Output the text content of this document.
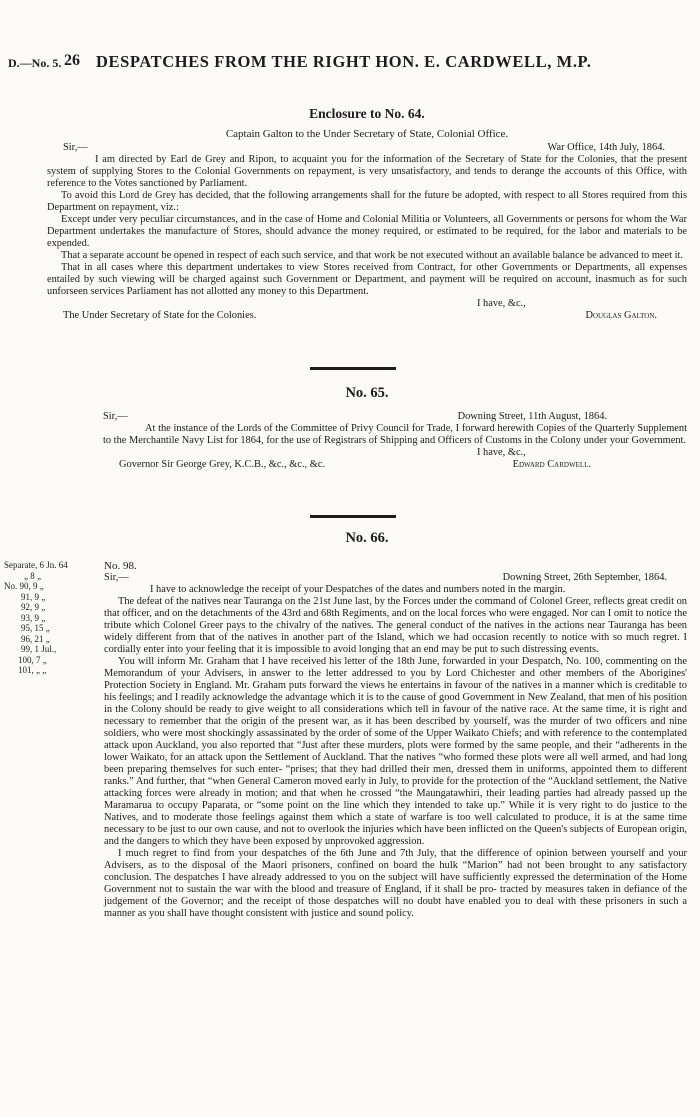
D.—No. 5. 26 DESPATCHES FROM THE RIGHT HON. E. CARDWELL, M.P.
Enclosure to No. 64.
Captain Galton to the Under Secretary of State, Colonial Office.
Sir,—	War Office, 14th July, 1864.

I am directed by Earl de Grey and Ripon, to acquaint you for the information of the Secretary of State for the Colonies, that the present system of supplying Stores to the Colonial Governments on repayment, is very unsatisfactory, and tends to derange the accounts of this Office, with reference to the Votes sanctioned by Parliament.

To avoid this Lord de Grey has decided, that the following arrangements shall for the future be adopted, with respect to all Stores required from this Department on repayment, viz.:

Except under very peculiar circumstances, and in the case of Home and Colonial Militia or Volunteers, all Governments or persons for whom the War Department undertakes the manufacture of Stores, should advance the money required, or estimated to be required, for the labor and materials to be expended.

That a separate account be opened in respect of each such service, and that work be not executed without an available balance be advanced to meet it.

That in all cases where this department undertakes to view Stores received from Contract, for other Governments or Departments, all expenses entailed by such viewing will be charged against such Government or Department, and payment will be required on account, inasmuch as for such unforseen services Parliament has not allotted any money to this Department.

I have, &c.,
The Under Secretary of State for the Colonies.	Douglas Galton.
No. 65.
Sir,—	Downing Street, 11th August, 1864.

At the instance of the Lords of the Committee of Privy Council for Trade, I forward herewith Copies of the Quarterly Supplement to the Merchantile Navy List for 1864, for the use of Registrars of Shipping and Officers of Customs in the Colony under your Government.

I have, &c.,
Governor Sir George Grey, K.C.B., &c., &c., &c.	Edward Cardwell.
No. 66.
Separate, 6 Jn. 64
„ 8 „
No. 90, 9 „
91, 9 „
92, 9 „
93, 9 „
95, 15 „
96, 21 „
99, 1 Jul.,
100, 7 „
101, „ „
No. 98.
Sir,—	Downing Street, 26th September, 1864.

I have to acknowledge the receipt of your Despatches of the dates and numbers noted in the margin.

The defeat of the natives near Tauranga on the 21st June last, by the Forces under the command of Colonel Greer, reflects great credit on that officer, and on the detachments of the 43rd and 68th Regiments, and on the local forces who were engaged. Nor can I omit to notice the tribute which Colonel Greer pays to the chivalry of the natives. The general conduct of the natives in the actions near Tauranga has been widely different from that of the natives in another part of the Island, which we had occasion recently to notice with so much regret. I cordially enter into your feeling that it is impossible to avoid longing that an end may be put to such distressing events.

You will inform Mr. Graham that I have received his letter of the 18th June, forwarded in your Despatch, No. 100, commenting on the Memorandum of your Advisers, in answer to the letter addressed to you by Lord Chichester and other members of the Aborigines' Protection Society in England. Mr. Graham puts forward the views he entertains in favour of the natives in a manner which is creditable to his feelings; and I readily acknowledge the advantage which it is to the cause of good Government in New Zealand, that men of his position in the Colony should be ready to give weight to all considerations which tell in favour of the native race. At the same time, it is right and necessary to remember that the origin of the present war, as it has been described by yourself, was the murder of two officers and nine soldiers, who were most shockingly assassinated by the order of some of the Upper Waikato Chiefs; and with reference to the contemplated attack upon Auckland, you also reported that “Just after these murders, plots were formed by the same people, and their “adherents in the lower Waikato, for an attack upon the Settlement of Auckland. That the natives “who formed these plots were all well armed, and had long been preparing themselves for such enter- “prises; that they had drilled their men, dressed them in uniforms, appointed them to different ranks.” And further, that “when General Cameron moved early in July, to provide for the protection of the “Auckland settlement, the Native attacking forces were already in motion; and that when he crossed “the Maungatawhiri, their leading parties had already passed up the Maramarua to occupy Paparata, or “some point on the line which they intended to take up.” While it is very right to do justice to the Natives, and to moderate those feelings against them which a state of warfare is too well calculated to produce, it is at the same time necessary to be just to our own cause, and not to overlook the injuries which have been inflicted on the Queen's subjects of European origin, and the dangers to which they have been exposed by unprovoked aggression.

I much regret to find from your despatches of the 6th June and 7th July, that the difference of opinion between yourself and your Advisers, as to the disposal of the Maori prisoners, confined on board the hulk “Marion” had not been brought to any satisfactory conclusion. The despatches I have already addressed to you on the subject will have sufficiently expressed the determination of the Home Government not to sustain the war with the blood and treasure of England, if it shall be pro- tracted by measures taken in defiance of the judgement of the Governor; and the receipt of those despatches will no doubt have enabled you to deal with these prisoners in such a manner as you shall have thought consistent with justice and sound policy.
